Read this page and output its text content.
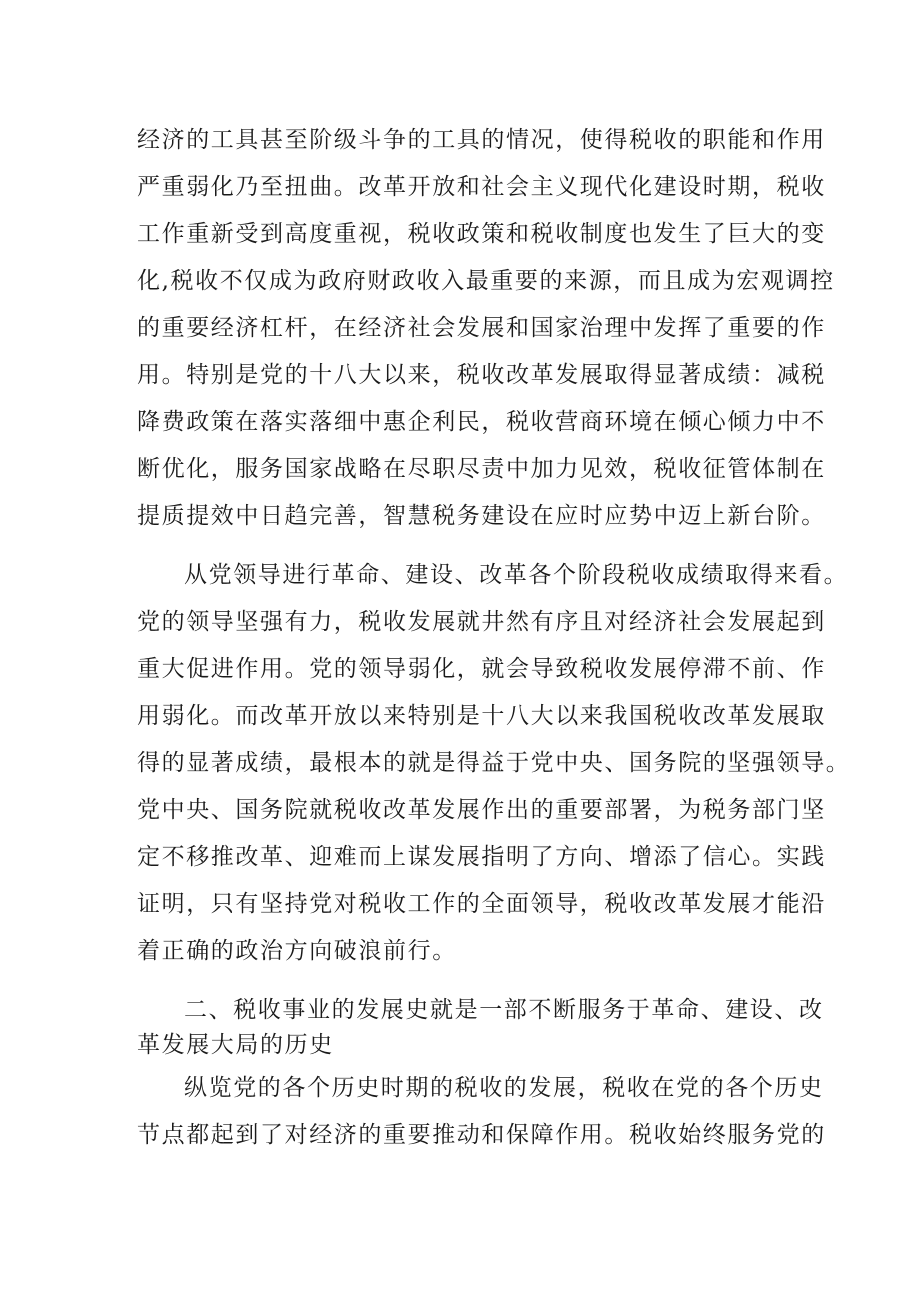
经济的工具甚至阶级斗争的工具的情况，使得税收的职能和作用
严重弱化乃至扭曲。改革开放和社会主义现代化建设时期，税收
工作重新受到高度重视，税收政策和税收制度也发生了巨大的变
化,税收不仅成为政府财政收入最重要的来源，而且成为宏观调控
的重要经济杠杆，在经济社会发展和国家治理中发挥了重要的作
用。特别是党的十八大以来，税收改革发展取得显著成绩：减税
降费政策在落实落细中惠企利民，税收营商环境在倾心倾力中不
断优化，服务国家战略在尽职尽责中加力见效，税收征管体制在
提质提效中日趋完善，智慧税务建设在应时应势中迈上新台阶。
从党领导进行革命、建设、改革各个阶段税收成绩取得来看。
党的领导坚强有力，税收发展就井然有序且对经济社会发展起到
重大促进作用。党的领导弱化，就会导致税收发展停滞不前、作
用弱化。而改革开放以来特别是十八大以来我国税收改革发展取
得的显著成绩，最根本的就是得益于党中央、国务院的坚强领导。
党中央、国务院就税收改革发展作出的重要部署，为税务部门坚
定不移推改革、迎难而上谋发展指明了方向、增添了信心。实践
证明，只有坚持党对税收工作的全面领导，税收改革发展才能沿
着正确的政治方向破浪前行。
二、税收事业的发展史就是一部不断服务于革命、建设、改
革发展大局的历史
纵览党的各个历史时期的税收的发展，税收在党的各个历史
节点都起到了对经济的重要推动和保障作用。税收始终服务党的
